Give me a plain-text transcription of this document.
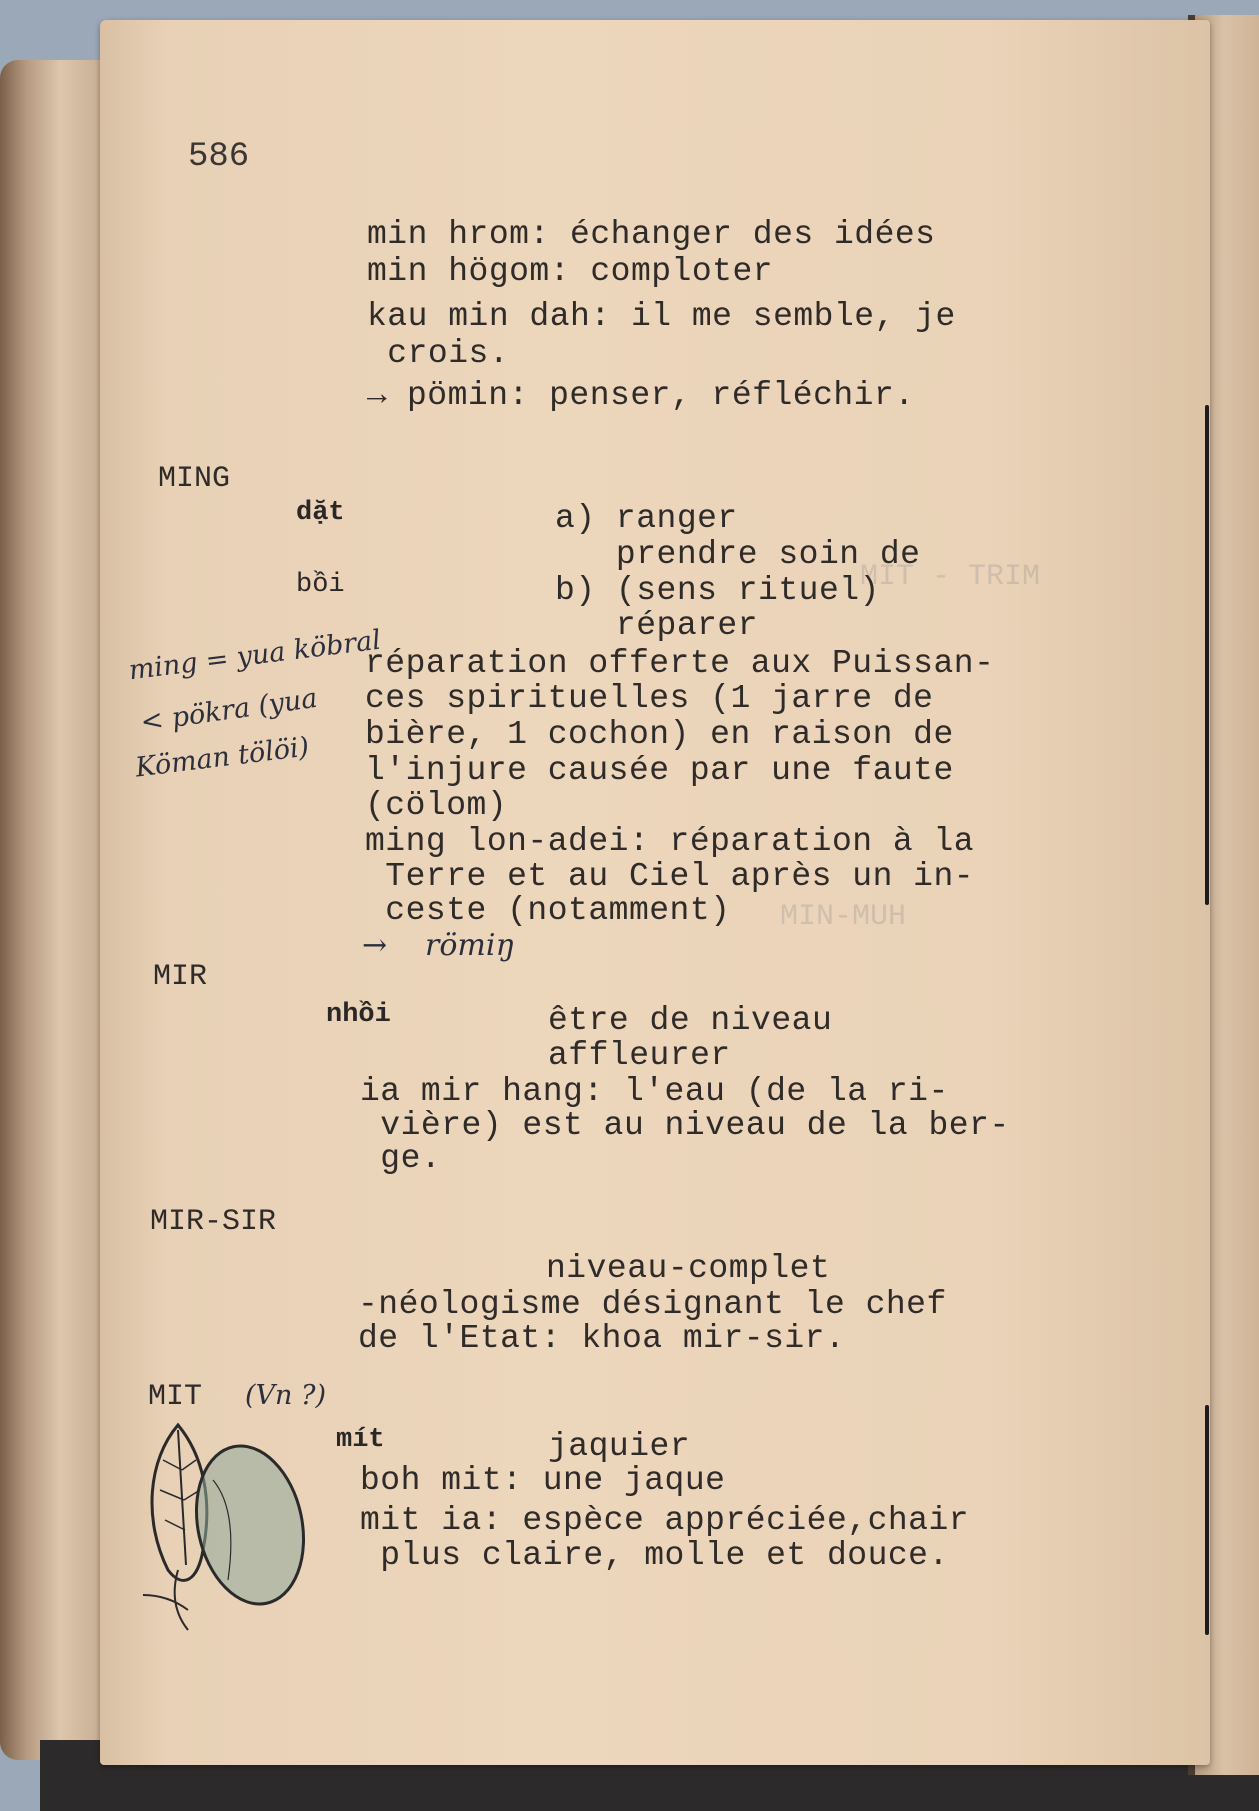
MIT - TRIM
MIN-MUH
586
min hrom: échanger des idées
min högom: comploter
kau min dah: il me semble, je
crois.
→ pömin: penser, réfléchir.
MING
dặt
bồi
a) ranger
prendre soin de
b) (sens rituel)
réparer
réparation offerte aux Puissan-
ces spirituelles (1 jarre de
bière, 1 cochon) en raison de
l'injure causée par une faute
(cölom)
ming lon-adei: réparation à la
Terre et au Ciel après un in-
ceste (notamment)
ming = yua köbral
< pökra (yua
Köman tölöi)
→ römiŋ
MIR
nhồi	être de niveau
affleurer
ia mir hang: l'eau (de la ri-
vière) est au niveau de la ber-
ge.
MIR-SIR
niveau-complet
-néologisme désignant le chef
de l'Etat: khoa mir-sir.
MIT (Vn ?)
mít	jaquier
boh mit: une jaque
mit ia: espèce appréciée,chair
plus claire, molle et douce.
